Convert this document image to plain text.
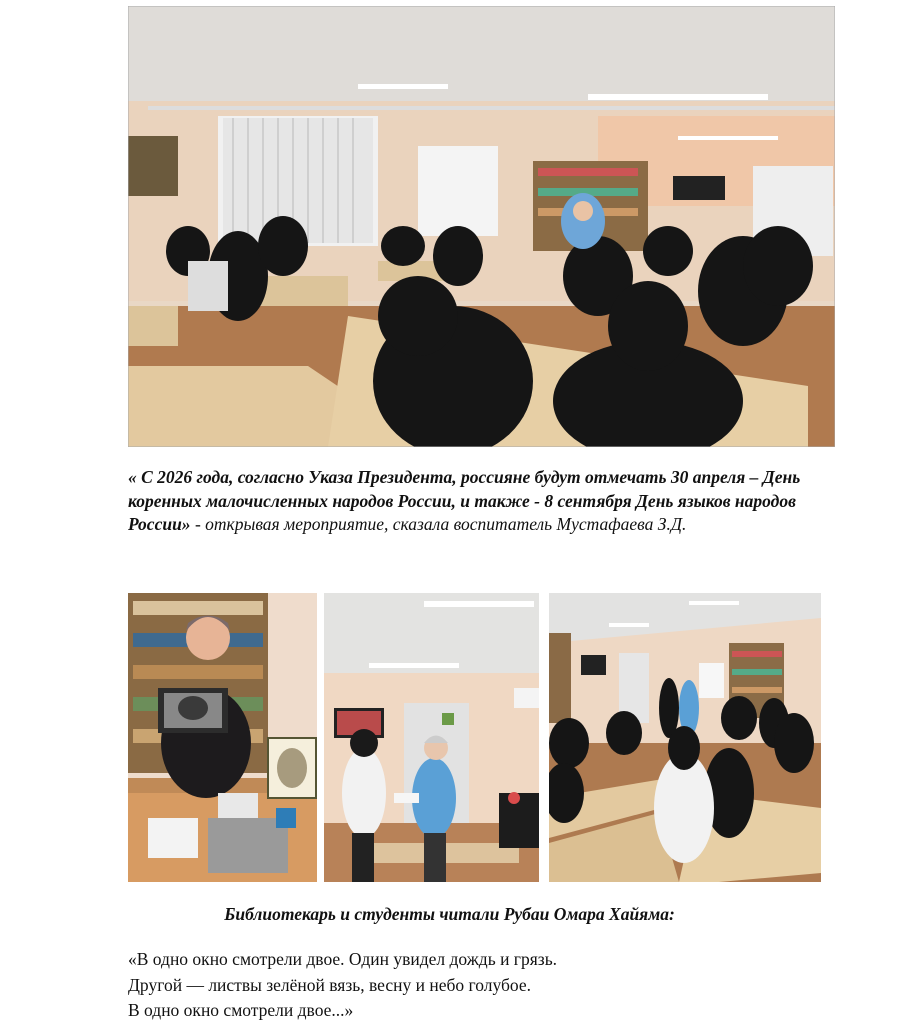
« С 2026 года, согласно Указа Президента, россияне будут отмечать 30 апреля – День коренных малочисленных народов России, и также - 8 сентября День языков народов России» - открывая мероприятие, сказала воспитатель Мустафаева З.Д.
Библиотекарь и студенты читали Рубаи Омара Хайяма:
«В одно окно смотрели двое. Один увидел дождь и грязь.
Другой — листвы зелёной вязь, весну и небо голубое.
В одно окно смотрели двое...»
